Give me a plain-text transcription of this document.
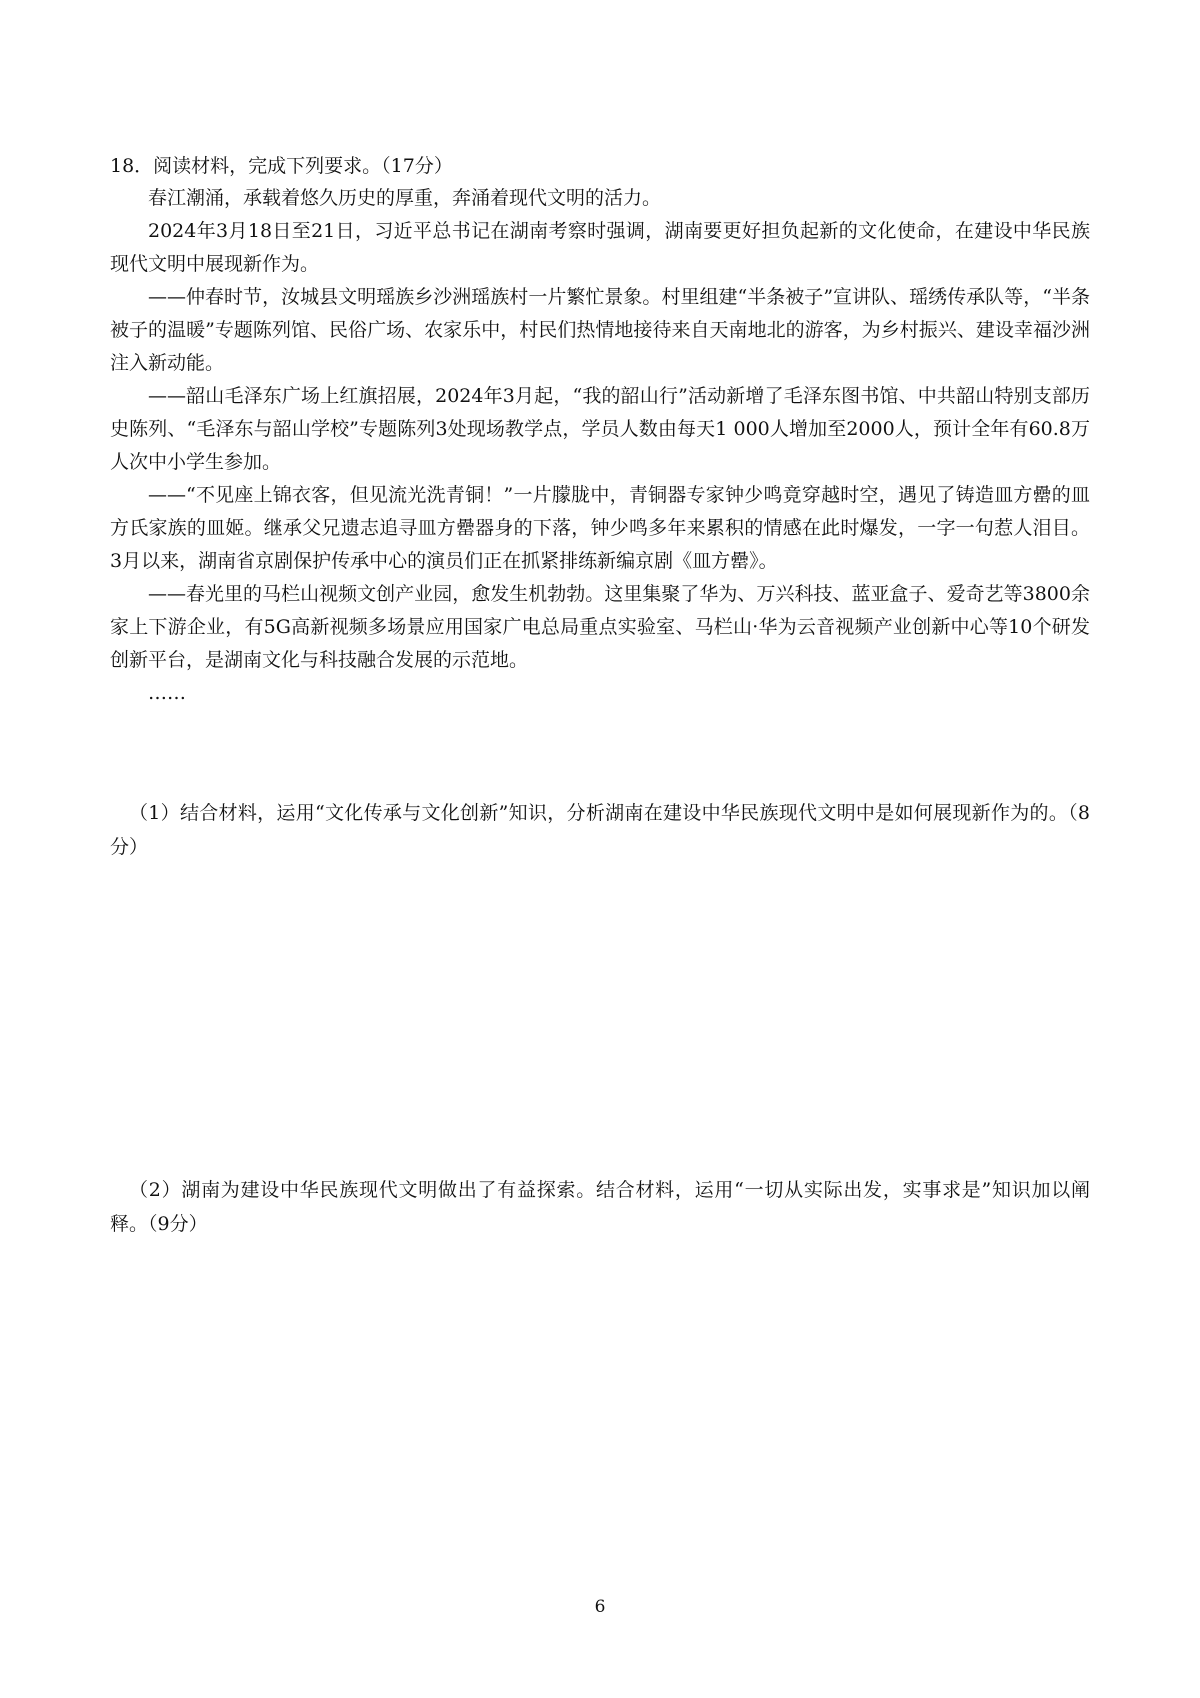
18．阅读材料，完成下列要求。（17分）

春江潮涌，承载着悠久历史的厚重，奔涌着现代文明的活力。

2024年3月18日至21日，习近平总书记在湖南考察时强调，湖南要更好担负起新的文化使命，在建设中华民族现代文明中展现新作为。

——仲春时节，汝城县文明瑶族乡沙洲瑶族村一片繁忙景象。村里组建“半条被子”宣讲队、瑶绣传承队等，“半条被子的温暖”专题陈列馆、民俗广场、农家乐中，村民们热情地接待来自天南地北的游客，为乡村振兴、建设幸福沙洲注入新动能。

——韶山毛泽东广场上红旗招展，2024年3月起，“我的韶山行”活动新增了毛泽东图书馆、中共韶山特别支部历史陈列、“毛泽东与韶山学校”专题陈列3处现场教学点，学员人数由每天1 000人增加至2000人，预计全年有60.8万人次中小学生参加。

——“不见座上锦衣客，但见流光洗青铜！”一片朦胧中，青铜器专家钟少鸣竟穿越时空，遇见了铸造皿方罍的皿方氏家族的皿姬。继承父兄遗志追寻皿方罍器身的下落，钟少鸣多年来累积的情感在此时爆发，一字一句惹人泪目。3月以来，湖南省京剧保护传承中心的演员们正在抓紧排练新编京剧《皿方罍》。

——春光里的马栏山视频文创产业园，愈发生机勃勃。这里集聚了华为、万兴科技、蓝亚盒子、爱奇艺等3800余家上下游企业，有5G高新视频多场景应用国家广电总局重点实验室、马栏山·华为云音视频产业创新中心等10个研发创新平台，是湖南文化与科技融合发展的示范地。

……

（1）结合材料，运用“文化传承与文化创新”知识，分析湖南在建设中华民族现代文明中是如何展现新作为的。（8分）

（2）湖南为建设中华民族现代文明做出了有益探索。结合材料，运用“一切从实际出发，实事求是”知识加以阐释。（9分）

6
